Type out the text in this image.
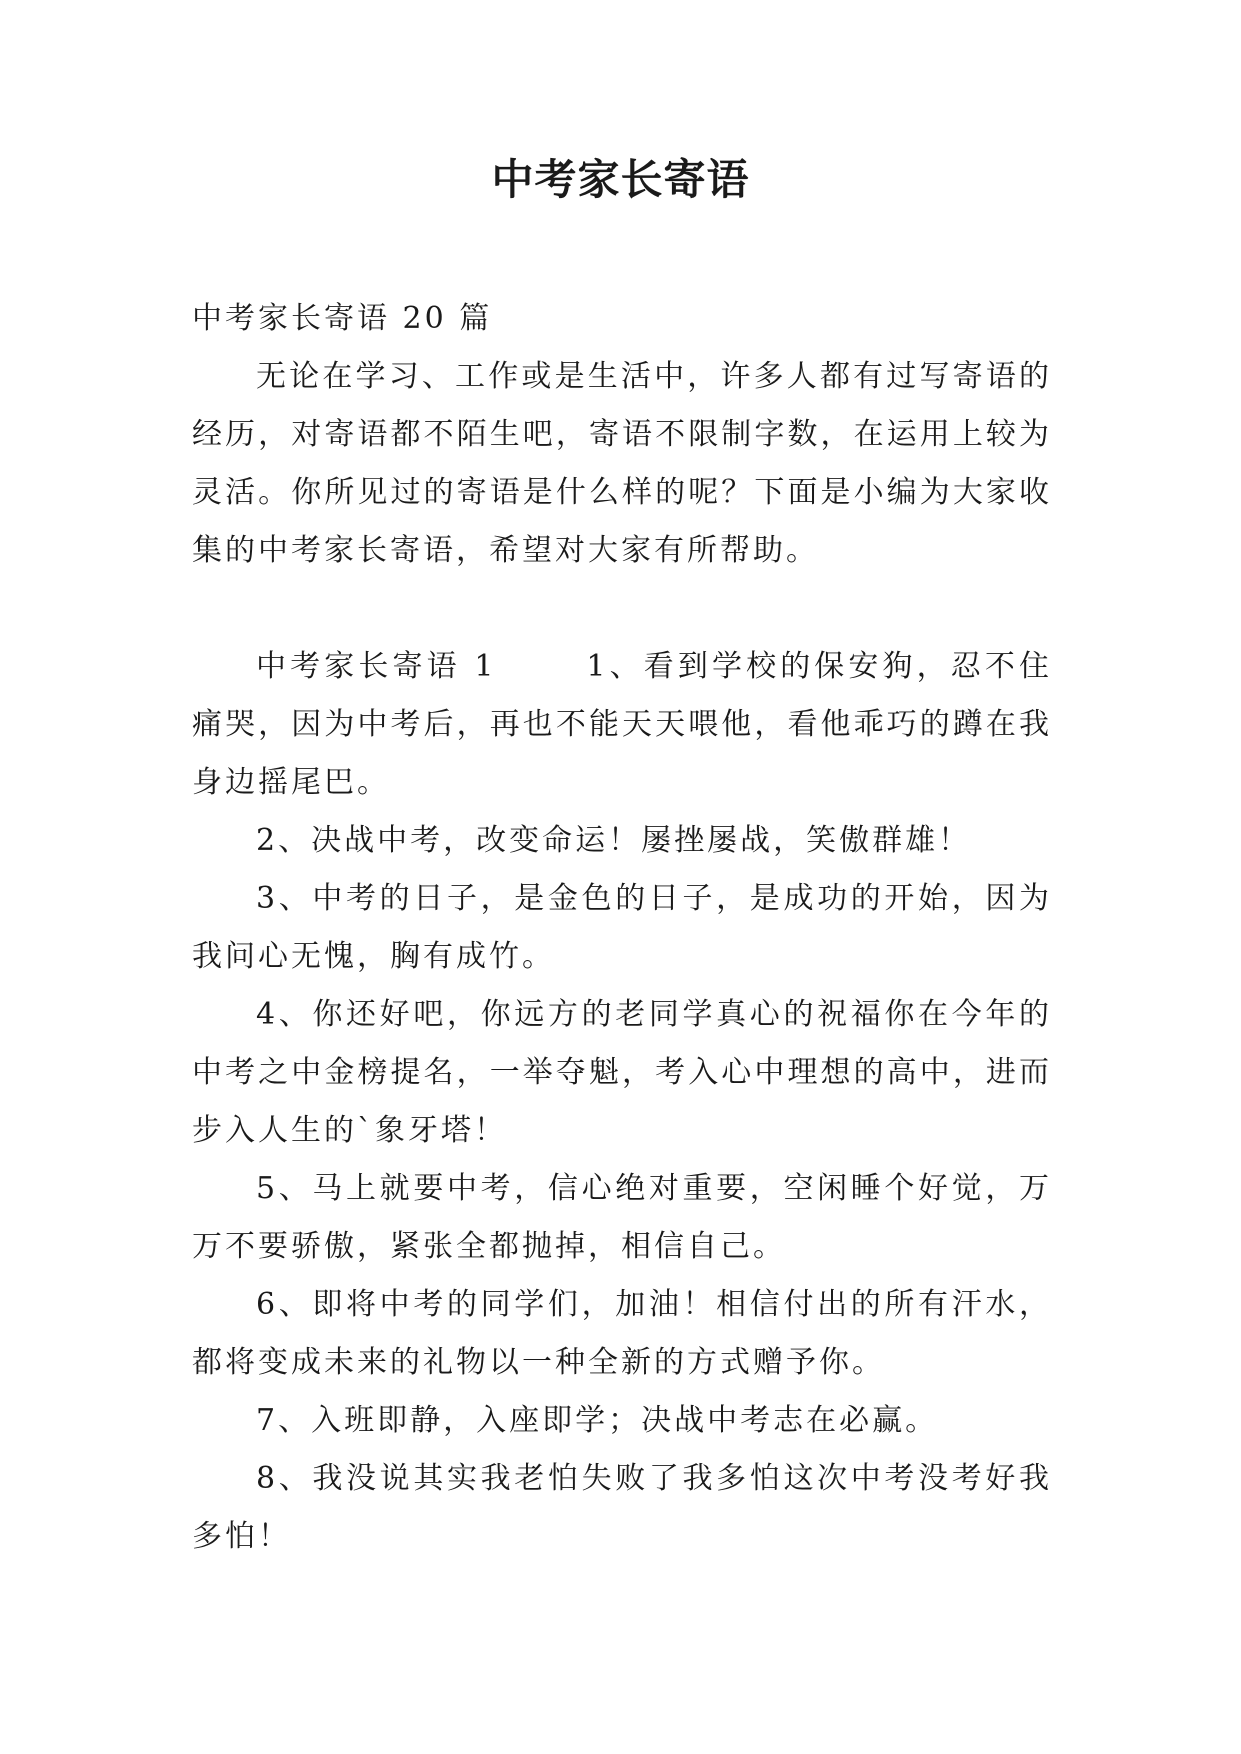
中考家长寄语

中考家长寄语 20 篇

无论在学习、工作或是生活中，许多人都有过写寄语的经历，对寄语都不陌生吧，寄语不限制字数，在运用上较为灵活。你所见过的寄语是什么样的呢？下面是小编为大家收集的中考家长寄语，希望对大家有所帮助。

中考家长寄语 1	1、看到学校的保安狗，忍不住痛哭，因为中考后，再也不能天天喂他，看他乖巧的蹲在我身边摇尾巴。

2、决战中考，改变命运！屡挫屡战，笑傲群雄！

3、中考的日子，是金色的日子，是成功的开始，因为我问心无愧，胸有成竹。

4、你还好吧，你远方的老同学真心的祝福你在今年的中考之中金榜提名，一举夺魁，考入心中理想的高中，进而步入人生的`象牙塔！

5、马上就要中考，信心绝对重要，空闲睡个好觉，万万不要骄傲，紧张全都抛掉，相信自己。

6、即将中考的同学们，加油！相信付出的所有汗水，都将变成未来的礼物以一种全新的方式赠予你。

7、入班即静，入座即学；决战中考志在必赢。

8、我没说其实我老怕失败了我多怕这次中考没考好我多怕！
